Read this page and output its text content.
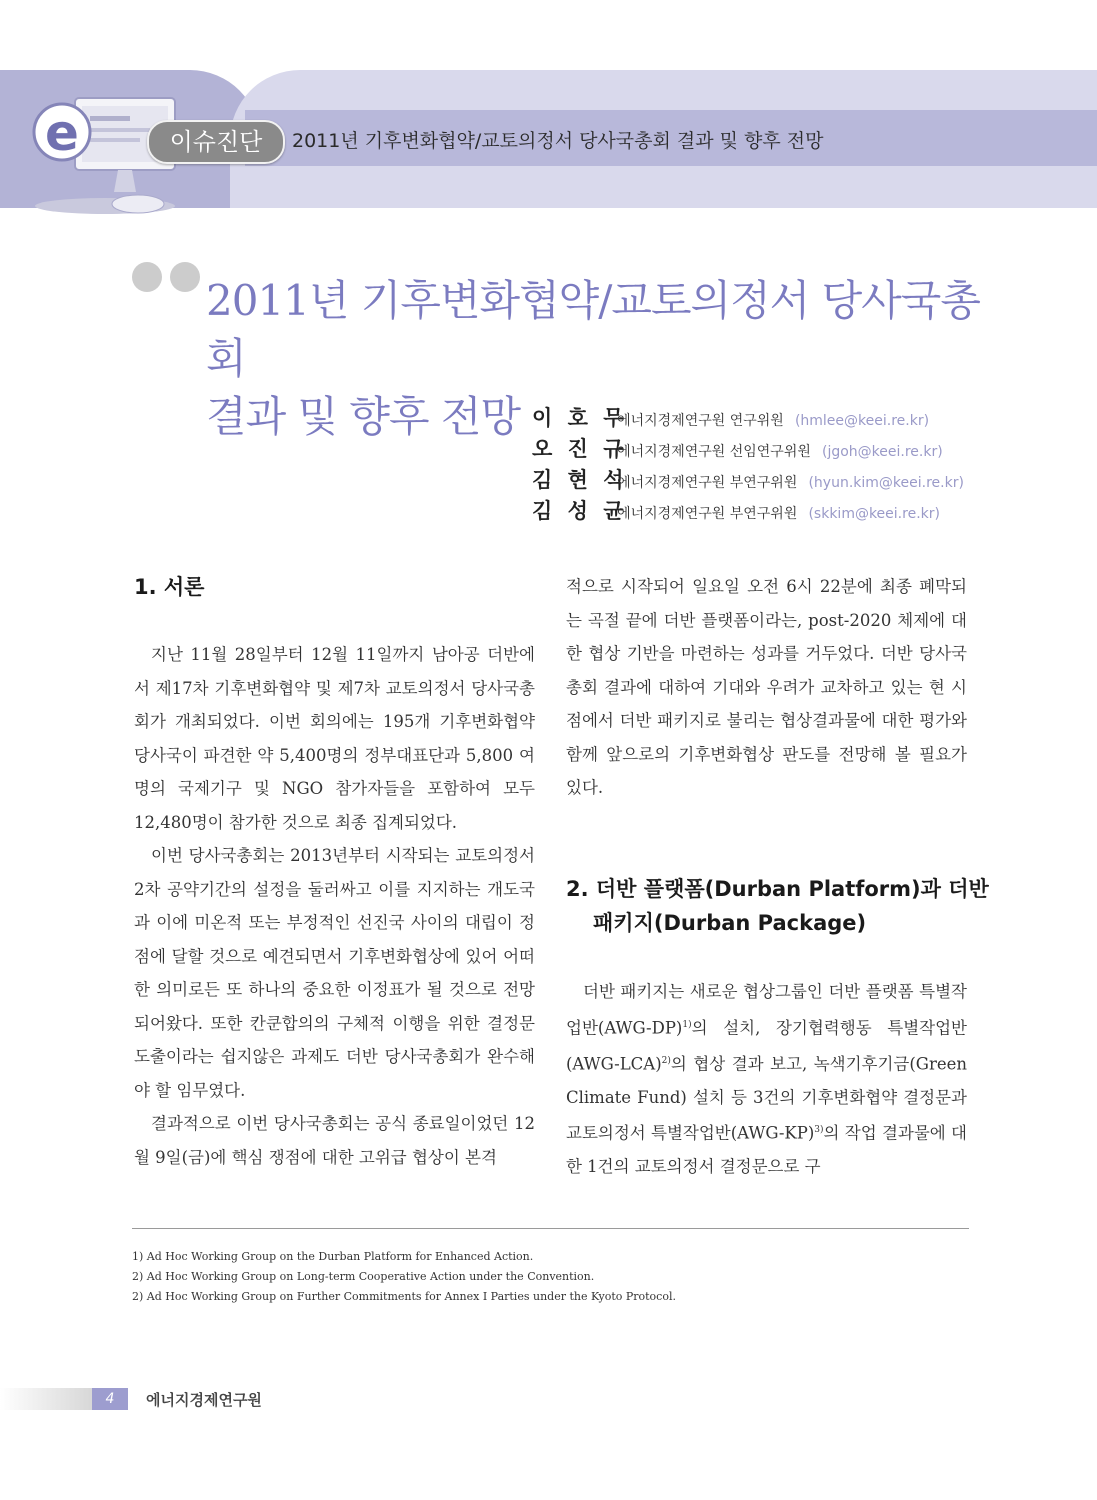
e	이슈진단	2011년 기후변화협약/교토의정서 당사국총회 결과 및 향후 전망
2011년 기후변화협약/교토의정서 당사국총회
결과 및 향후 전망 이 호 무 에너지경제연구원 연구위원 (hmlee@keei.re.kr)
오 진 규 에너지경제연구원 선임연구위원 (jgoh@keei.re.kr)
김 현 석 에너지경제연구원 부연구위원 (hyun.kim@keei.re.kr)
김 성 균 에너지경제연구원 부연구위원 (skkim@keei.re.kr)
1. 서론

지난 11월 28일부터 12월 11일까지 남아공 더반에서 제17차 기후변화협약 및 제7차 교토의정서 당사국총회가 개최되었다. 이번 회의에는 195개 기후변화협약 당사국이 파견한 약 5,400명의 정부대표단과 5,800 여명의 국제기구 및 NGO 참가자들을 포함하여 모두 12,480명이 참가한 것으로 최종 집계되었다.

이번 당사국총회는 2013년부터 시작되는 교토의정서 2차 공약기간의 설정을 둘러싸고 이를 지지하는 개도국과 이에 미온적 또는 부정적인 선진국 사이의 대립이 정점에 달할 것으로 예견되면서 기후변화협상에 있어 어떠한 의미로든 또 하나의 중요한 이정표가 될 것으로 전망되어왔다. 또한 칸쿤합의의 구체적 이행을 위한 결정문 도출이라는 쉽지않은 과제도 더반 당사국총회가 완수해야 할 임무였다.

결과적으로 이번 당사국총회는 공식 종료일이었던 12월 9일(금)에 핵심 쟁점에 대한 고위급 협상이 본격

적으로 시작되어 일요일 오전 6시 22분에 최종 폐막되는 곡절 끝에 더반 플랫폼이라는, post-2020 체제에 대한 협상 기반을 마련하는 성과를 거두었다. 더반 당사국총회 결과에 대하여 기대와 우려가 교차하고 있는 현 시점에서 더반 패키지로 불리는 협상결과물에 대한 평가와 함께 앞으로의 기후변화협상 판도를 전망해 볼 필요가 있다.

2. 더반 플랫폼(Durban Platform)과 더반
패키지(Durban Package)

더반 패키지는 새로운 협상그룹인 더반 플랫폼 특별작업반$(AWG-DP)^{1)}$의 설치, 장기협력행동 특별작업반$(AWG-LCA)^{2)}$의 협상 결과 보고, 녹색기후기금(Green Climate Fund) 설치 등 3건의 기후변화협약 결정문과 교토의정서 특별작업반$(AWG-KP)^{3)}$의 작업 결과물에 대한 1건의 교토의정서 결정문으로 구

1) Ad Hoc Working Group on the Durban Platform for Enhanced Action.
2) Ad Hoc Working Group on Long-term Cooperative Action under the Convention.
2) Ad Hoc Working Group on Further Commitments for Annex I Parties under the Kyoto Protocol.
4	에너지경제연구원
